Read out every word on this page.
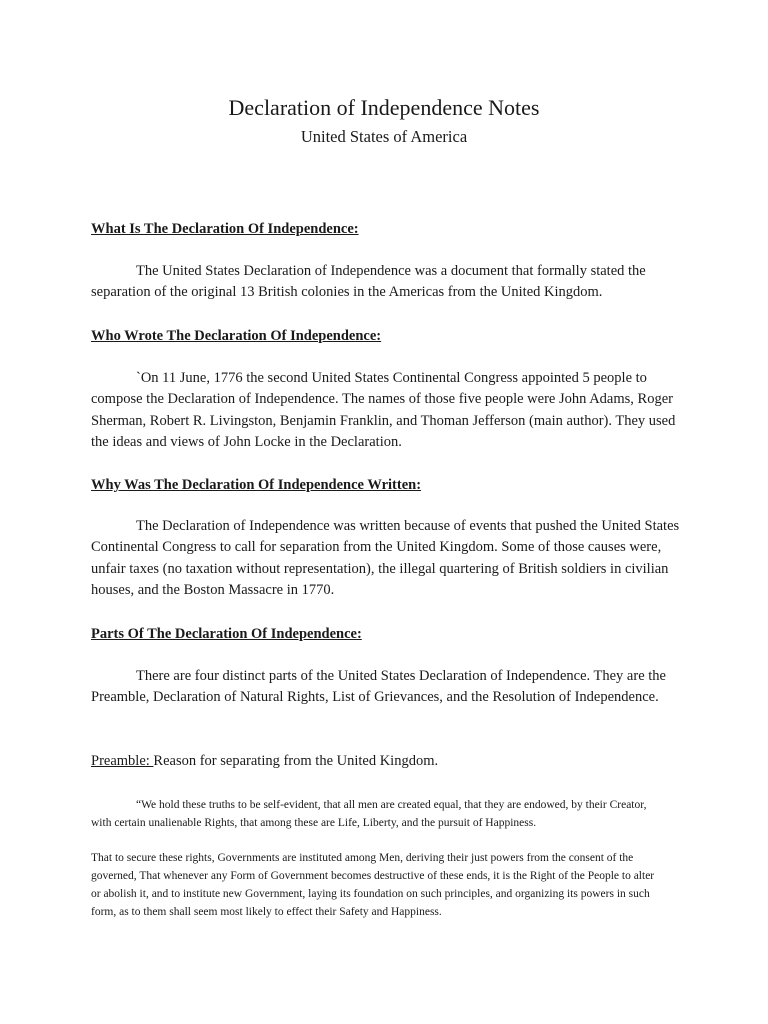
Declaration of Independence Notes
United States of America
What Is The Declaration Of Independence:
The United States Declaration of Independence was a document that formally stated the separation of the original 13 British colonies in the Americas from the United Kingdom.
Who Wrote The Declaration Of Independence:
`On 11 June, 1776 the second United States Continental Congress appointed 5 people to compose the Declaration of Independence. The names of those five people were John Adams, Roger Sherman, Robert R. Livingston, Benjamin Franklin, and Thoman Jefferson (main author). They used the ideas and views of John Locke in the Declaration.
Why Was The Declaration Of Independence Written:
The Declaration of Independence was written because of events that pushed the United States Continental Congress to call for separation from the United Kingdom. Some of those causes were, unfair taxes (no taxation without representation), the illegal quartering of British soldiers in civilian houses, and the Boston Massacre in 1770.
Parts Of The Declaration Of Independence:
There are four distinct parts of the United States Declaration of Independence. They are the Preamble, Declaration of Natural Rights, List of Grievances, and the Resolution of Independence.
Preamble: Reason for separating from the United Kingdom.
“We hold these truths to be self-evident, that all men are created equal, that they are endowed, by their Creator, with certain unalienable Rights, that among these are Life, Liberty, and the pursuit of Happiness.
That to secure these rights, Governments are instituted among Men, deriving their just powers from the consent of the governed, That whenever any Form of Government becomes destructive of these ends, it is the Right of the People to alter or abolish it, and to institute new Government, laying its foundation on such principles, and organizing its powers in such form, as to them shall seem most likely to effect their Safety and Happiness.
